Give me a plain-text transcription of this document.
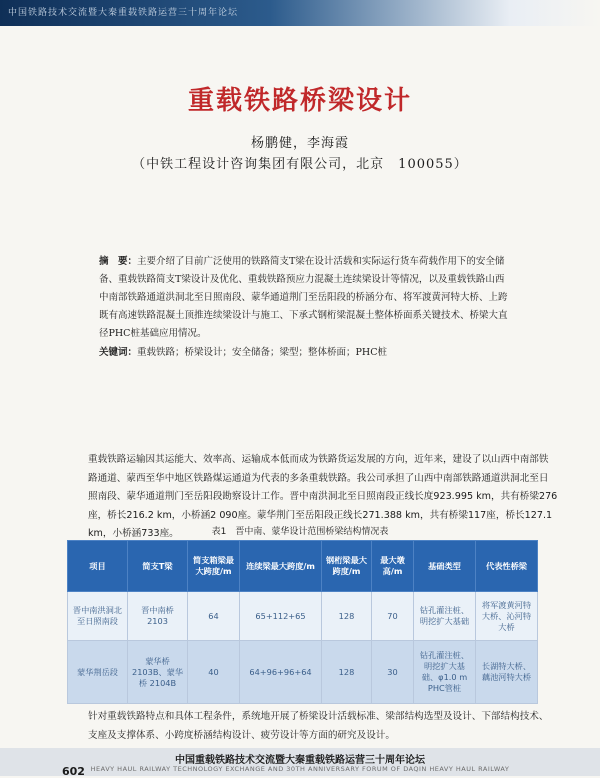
中国铁路技术交流暨大秦重载铁路运营三十周年论坛
重载铁路桥梁设计
杨鹏健，李海霞
（中铁工程设计咨询集团有限公司，北京　100055）
摘　要：主要介绍了目前广泛使用的铁路简支T梁在设计活载和实际运行货车荷载作用下的安全储备、重载铁路简支T梁设计及优化、重载铁路预应力混凝土连续梁设计等情况，以及重载铁路山西中南部铁路通道洪洞北至日照南段、蒙华通道荆门至岳阳段的桥涵分布、将军渡黄河特大桥、上跨既有高速铁路混凝土顶推连续梁设计与施工、下承式钢桁梁混凝土整体桥面系关键技术、桥梁大直径PHC桩基础应用情况。
关键词：重载铁路；桥梁设计；安全储备；梁型；整体桥面；PHC桩
重载铁路运输因其运能大、效率高、运输成本低而成为铁路货运发展的方向，近年来，建设了以山西中南部铁路通道、蒙西至华中地区铁路煤运通道为代表的多条重载铁路。我公司承担了山西中南部铁路通道洪洞北至日照南段、蒙华通道荆门至岳阳段勘察设计工作。晋中南洪洞北至日照南段正线长度923.995 km，共有桥梁276座，桥长216.2 km，小桥涵2 090座。蒙华荆门至岳阳段正线长271.388 km，共有桥梁117座，桥长127.1 km，小桥涵733座。	表1　晋中南、蒙华设计范围桥梁结构情况表
项目	简支T梁	简支箱梁最大跨度/m	连续梁最大跨度/m	钢桁梁最大跨度/m	最大墩高/m	基础类型	代表性桥梁
晋中南洪洞北至日照南段	晋中南桥 2103	64	65+112+65	128	70	钻孔灌注桩、明挖扩大基础	将军渡黄河特大桥、沁河特大桥
蒙华荆岳段	蒙华桥 2103B、蒙华桥 2104B	40	64+96+96+64	128	30	钻孔灌注桩、明挖扩大基础、φ1.0 m PHC管桩	长湖特大桥、藕池河特大桥
针对重载铁路特点和具体工程条件，系统地开展了桥梁设计活载标准、梁部结构选型及设计、下部结构技术、支座及支撑体系、小跨度桥涵结构设计、疲劳设计等方面的研究及设计。
602
中国重载铁路技术交流暨大秦重载铁路运营三十周年论坛
HEAVY HAUL RAILWAY TECHNOLOGY EXCHANGE AND 30TH ANNIVERSARY FORUM OF DAQIN HEAVY HAUL RAILWAY
